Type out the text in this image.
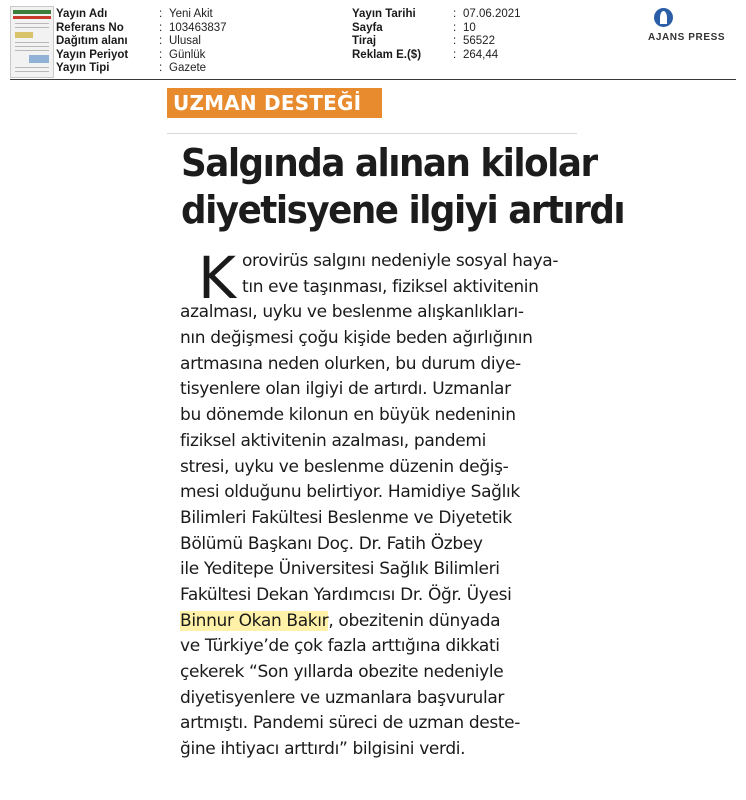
Yayın Adı	: Yeni Akit
Referans No	: 103463837
Dağıtım alanı	: Ulusal
Yayın Periyot	: Günlük
Yayın Tipi	: Gazete
Yayın Tarihi	: 07.06.2021
Sayfa	: 10
Tiraj	: 56522
Reklam E.($)	: 264,44
AJANS PRESS
UZMAN DESTEĞİ
Salgında alınan kilolar
diyetisyene ilgiyi artırdı
K orovirüs salgını nedeniyle sosyal haya-
tın eve taşınması, fiziksel aktivitenin
azalması, uyku ve beslenme alışkanlıkları-
nın değişmesi çoğu kişide beden ağırlığının
artmasına neden olurken, bu durum diye-
tisyenlere olan ilgiyi de artırdı. Uzmanlar
bu dönemde kilonun en büyük nedeninin
fiziksel aktivitenin azalması, pandemi
stresi, uyku ve beslenme düzenin değiş-
mesi olduğunu belirtiyor. Hamidiye Sağlık
Bilimleri Fakültesi Beslenme ve Diyetetik
Bölümü Başkanı Doç. Dr. Fatih Özbey
ile Yeditepe Üniversitesi Sağlık Bilimleri
Fakültesi Dekan Yardımcısı Dr. Öğr. Üyesi
Binnur Okan Bakır, obezitenin dünyada
ve Türkiye’de çok fazla arttığına dikkati
çekerek “Son yıllarda obezite nedeniyle
diyetisyenlere ve uzmanlara başvurular
artmıştı. Pandemi süreci de uzman deste-
ğine ihtiyacı arttırdı” bilgisini verdi.
